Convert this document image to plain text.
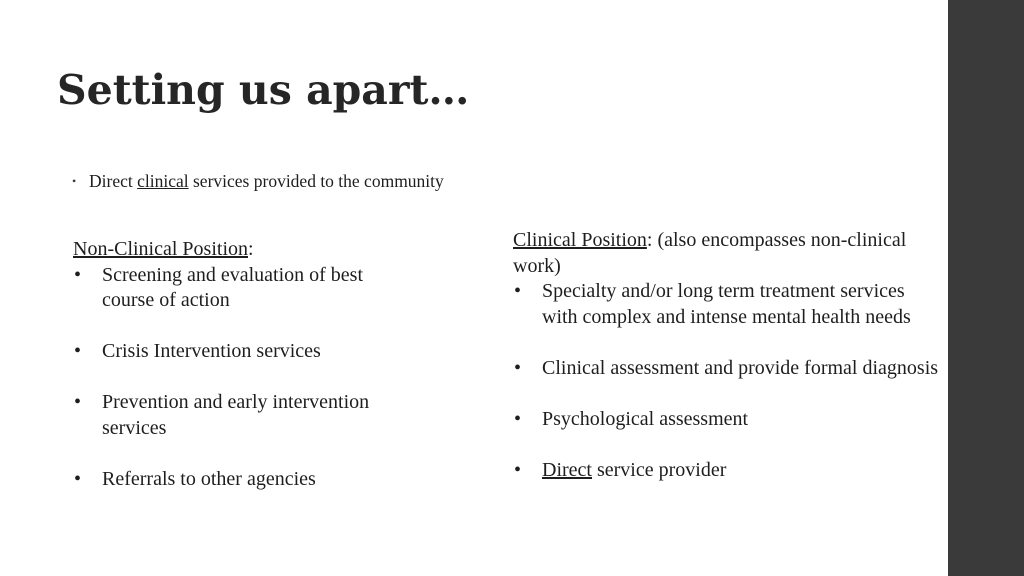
Setting us apart…
• Direct clinical services provided to the community

Non-Clinical Position:

• Screening and evaluation of best course of action
• Crisis Intervention services
• Prevention and early intervention services
• Referrals to other agencies

Clinical Position: (also encompasses non-clinical work)

• Specialty and/or long term treatment services with complex and intense mental health needs
• Clinical assessment and provide formal diagnosis
• Psychological assessment
• Direct service provider
